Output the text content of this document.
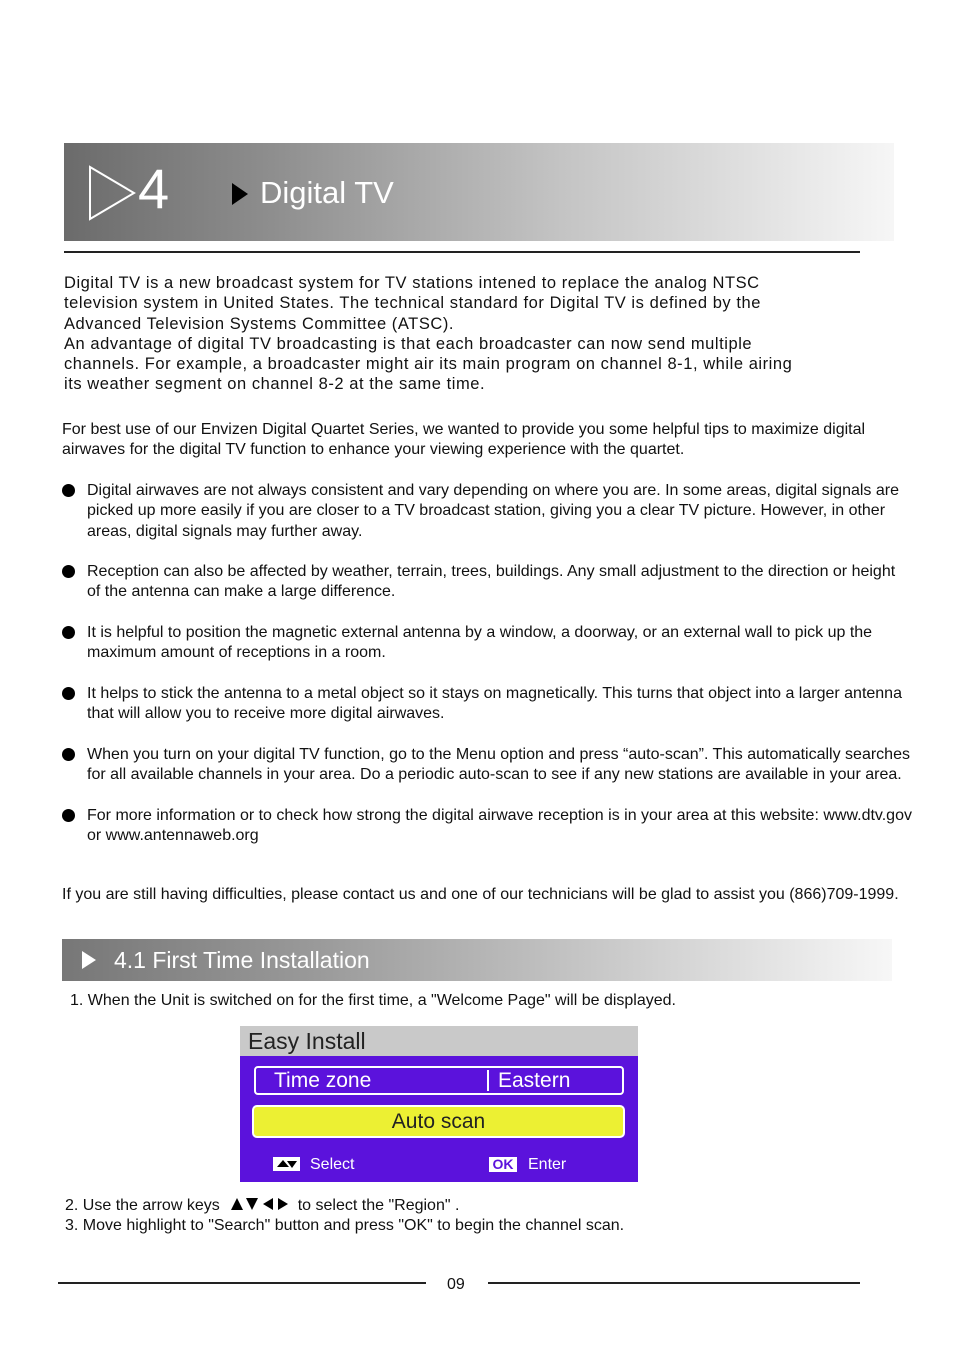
4	Digital TV

Digital TV is a new broadcast system for TV stations intened to replace the analog NTSC

television system in United States. The technical standard for Digital TV is defined by the

Advanced Television Systems Committee (ATSC).

An advantage of digital TV broadcasting is that each broadcaster can now send multiple

channels. For example, a broadcaster might air its main program on channel 8-1, while airing

its weather segment on channel 8-2 at the same time.

For best use of our Envizen Digital Quartet Series, we wanted to provide you some helpful tips to maximize digital airwaves for the digital TV function to enhance your viewing experience with the quartet.

Digital airwaves are not always consistent and vary depending on where you are. In some areas, digital signals are picked up more easily if you are closer to a TV broadcast station, giving you a clear TV picture. However, in other areas, digital signals may further away.
Reception can also be affected by weather, terrain, trees, buildings. Any small adjustment to the direction or height of the antenna can make a large difference.
It is helpful to position the magnetic external antenna by a window, a doorway, or an external wall to pick up the maximum amount of receptions in a room.
It helps to stick the antenna to a metal object so it stays on magnetically. This turns that object into a larger antenna that will allow you to receive more digital airwaves.
When you turn on your digital TV function, go to the Menu option and press “auto-scan”. This automatically searches for all available channels in your area. Do a periodic auto-scan to see if any new stations are available in your area.
For more information or to check how strong the digital airwave reception is in your area at this website: www.dtv.gov or www.antennaweb.org

If you are still having difficulties, please contact us and one of our technicians will be glad to assist you (866)709-1999.

4.1 First Time Installation

1. When the Unit is switched on for the first time, a "Welcome Page" will be displayed.

Easy Install
Time zone	Eastern
Auto scan
Select	OK Enter

2. Use the arrow keys	to select the "Region" .

3. Move highlight to "Search" button and press "OK" to begin the channel scan.

09
